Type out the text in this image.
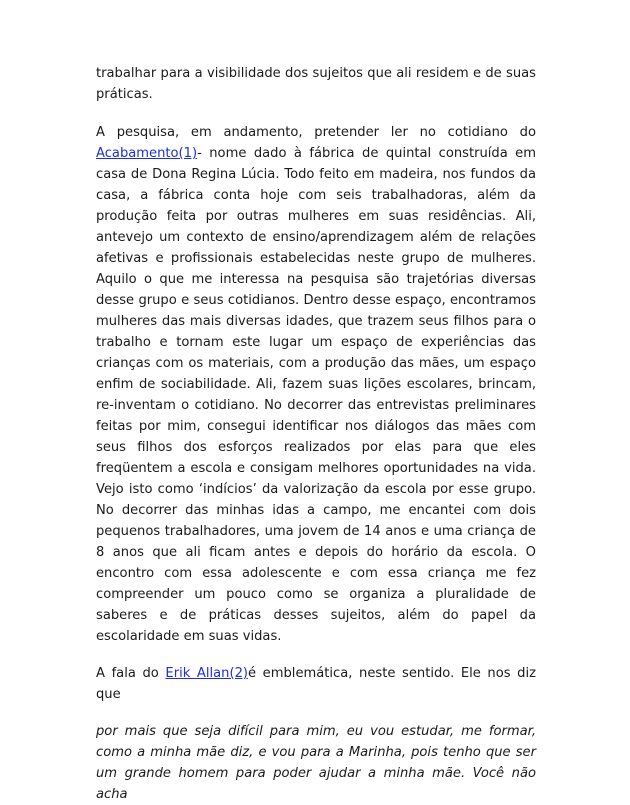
trabalhar para a visibilidade dos sujeitos que ali residem e de suas práticas.

A pesquisa, em andamento, pretender ler no cotidiano do Acabamento(1)- nome dado à fábrica de quintal construída em casa de Dona Regina Lúcia. Todo feito em madeira, nos fundos da casa, a fábrica conta hoje com seis trabalhadoras, além da produção feita por outras mulheres em suas residências. Ali, antevejo um contexto de ensino/aprendizagem além de relações afetivas e profissionais estabelecidas neste grupo de mulheres. Aquilo o que me interessa na pesquisa são trajetórias diversas desse grupo e seus cotidianos. Dentro desse espaço, encontramos mulheres das mais diversas idades, que trazem seus filhos para o trabalho e tornam este lugar um espaço de experiências das crianças com os materiais, com a produção das mães, um espaço enfim de sociabilidade. Ali, fazem suas lições escolares, brincam, re-inventam o cotidiano. No decorrer das entrevistas preliminares feitas por mim, consegui identificar nos diálogos das mães com seus filhos dos esforços realizados por elas para que eles freqüentem a escola e consigam melhores oportunidades na vida. Vejo isto como ‘indícios’ da valorização da escola por esse grupo. No decorrer das minhas idas a campo, me encantei com dois pequenos trabalhadores, uma jovem de 14 anos e uma criança de 8 anos que ali ficam antes e depois do horário da escola. O encontro com essa adolescente e com essa criança me fez compreender um pouco como se organiza a pluralidade de saberes e de práticas desses sujeitos, além do papel da escolaridade em suas vidas.

A fala do Erik Allan(2)é emblemática, neste sentido. Ele nos diz que

por mais que seja difícil para mim, eu vou estudar, me formar, como a minha mãe diz, e vou para a Marinha, pois tenho que ser um grande homem para poder ajudar a minha mãe. Você não acha
